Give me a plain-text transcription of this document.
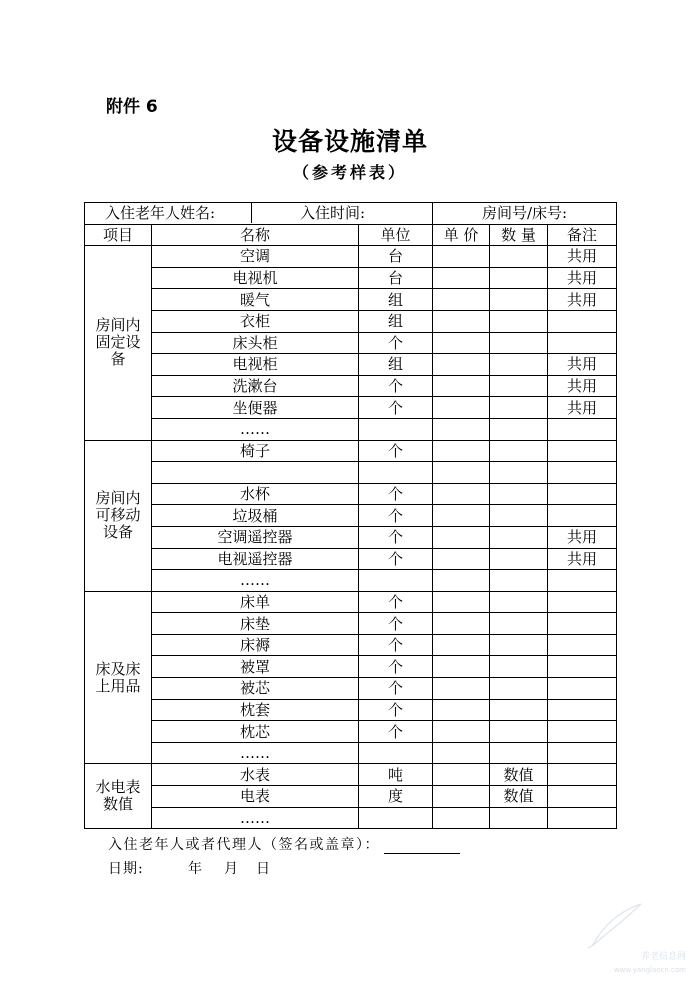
附件 6
设备设施清单
（参考样表）
入住老年人姓名: 入住时间:			房间号/床号:		
项目	名称	单位	单 价	数 量	备注
房间内固定设备	空调	台			共用
	电视机	台			共用
	暖气	组			共用
	衣柜	组			
	床头柜	个			
	电视柜	组			共用
	洗漱台	个			共用
	坐便器	个			共用
	……				
房间内可移动设备	椅子	个			

	水杯	个			
	垃圾桶	个			
	空调遥控器	个			共用
	电视遥控器	个			共用
	……				
床及床上用品	床单	个			
	床垫	个			
	床褥	个			
	被罩	个			
	被芯	个			
	枕套	个			
	枕芯	个			
	……				
水电表数值	水表	吨		数值	
	电表	度		数值	
	……				
入住老年人或者代理人（签名或盖章）：
日期:	年 月 日
养老信息网
www.yanglaocn.com
